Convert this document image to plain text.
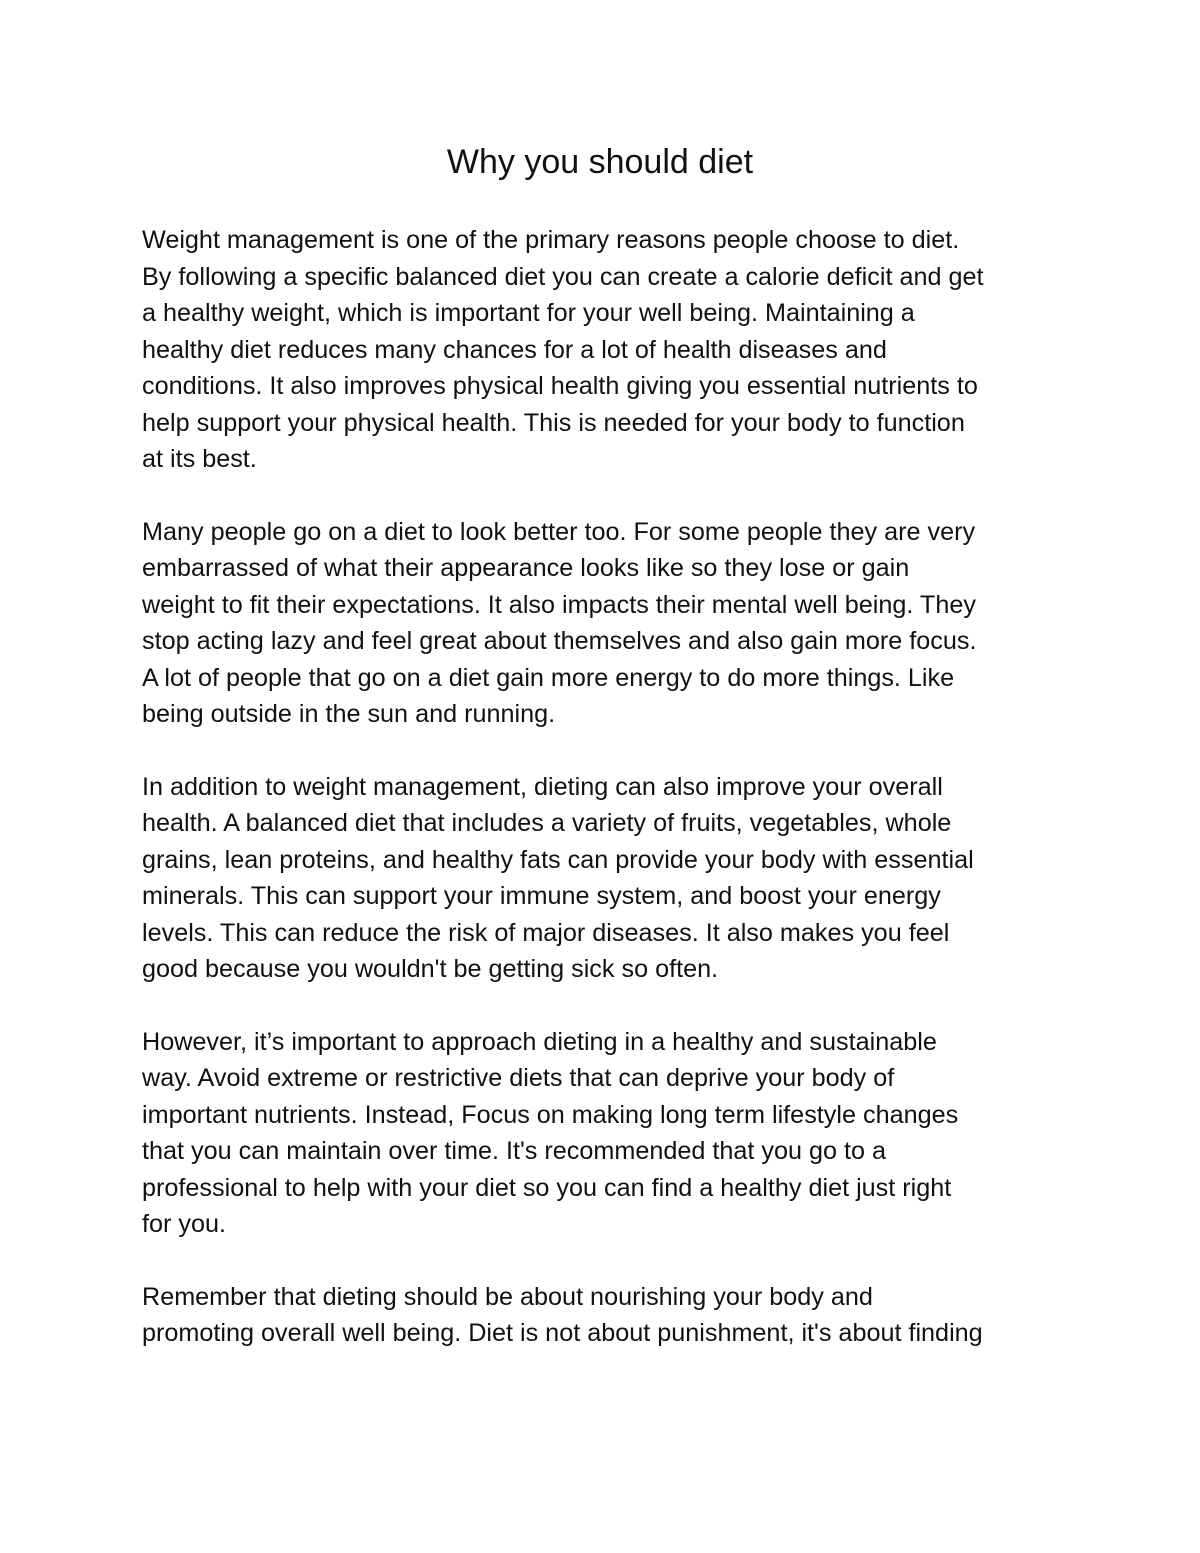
Why you should diet

Weight management is one of the primary reasons people choose to diet.
By following a specific balanced diet you can create a calorie deficit and get
a healthy weight, which is important for your well being. Maintaining a
healthy diet reduces many chances for a lot of health diseases and
conditions. It also improves physical health giving you essential nutrients to
help support your physical health. This is needed for your body to function
at its best.

Many people go on a diet to look better too. For some people they are very
embarrassed of what their appearance looks like so they lose or gain
weight to fit their expectations. It also impacts their mental well being. They
stop acting lazy and feel great about themselves and also gain more focus.
A lot of people that go on a diet gain more energy to do more things. Like
being outside in the sun and running.

In addition to weight management, dieting can also improve your overall
health. A balanced diet that includes a variety of fruits, vegetables, whole
grains, lean proteins, and healthy fats can provide your body with essential
minerals. This can support your immune system, and boost your energy
levels. This can reduce the risk of major diseases. It also makes you feel
good because you wouldn't be getting sick so often.

However, it’s important to approach dieting in a healthy and sustainable
way. Avoid extreme or restrictive diets that can deprive your body of
important nutrients. Instead, Focus on making long term lifestyle changes
that you can maintain over time. It's recommended that you go to a
professional to help with your diet so you can find a healthy diet just right
for you.

Remember that dieting should be about nourishing your body and
promoting overall well being. Diet is not about punishment, it's about finding
